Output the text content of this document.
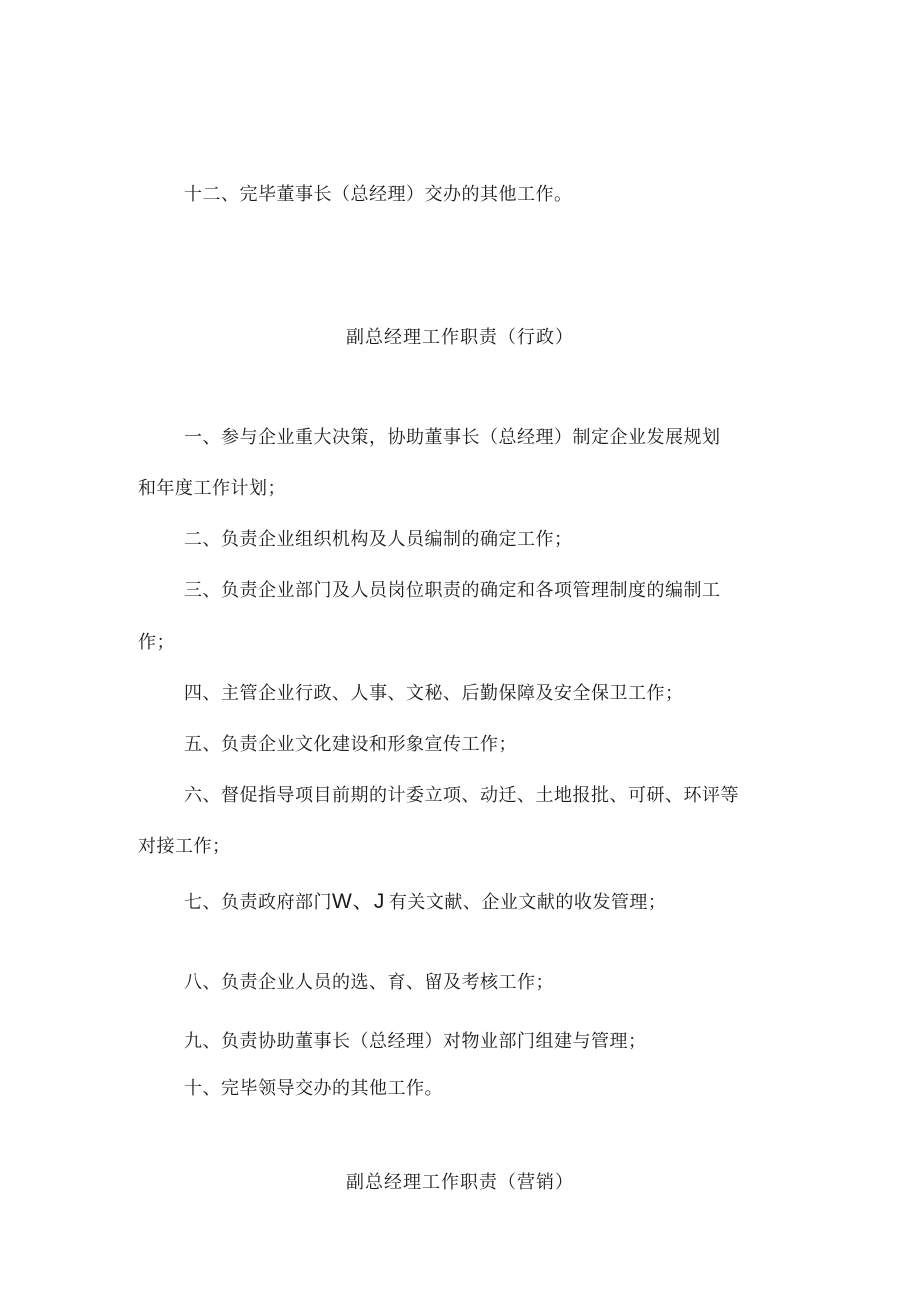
十二、完毕董事长（总经理）交办的其他工作。
副总经理工作职责（行政）
一、参与企业重大决策，协助董事长（总经理）制定企业发展规划
和年度工作计划；
二、负责企业组织机构及人员编制的确定工作；
三、负责企业部门及人员岗位职责的确定和各项管理制度的编制工
作；
四、主管企业行政、人事、文秘、后勤保障及安全保卫工作；
五、负责企业文化建设和形象宣传工作；
六、督促指导项目前期的计委立项、动迁、土地报批、可研、环评等
对接工作；
七、负责政府部门W、J 有关文献、企业文献的收发管理；
八、负责企业人员的选、育、留及考核工作；
九、负责协助董事长（总经理）对物业部门组建与管理；
十、完毕领导交办的其他工作。
副总经理工作职责（营销）
